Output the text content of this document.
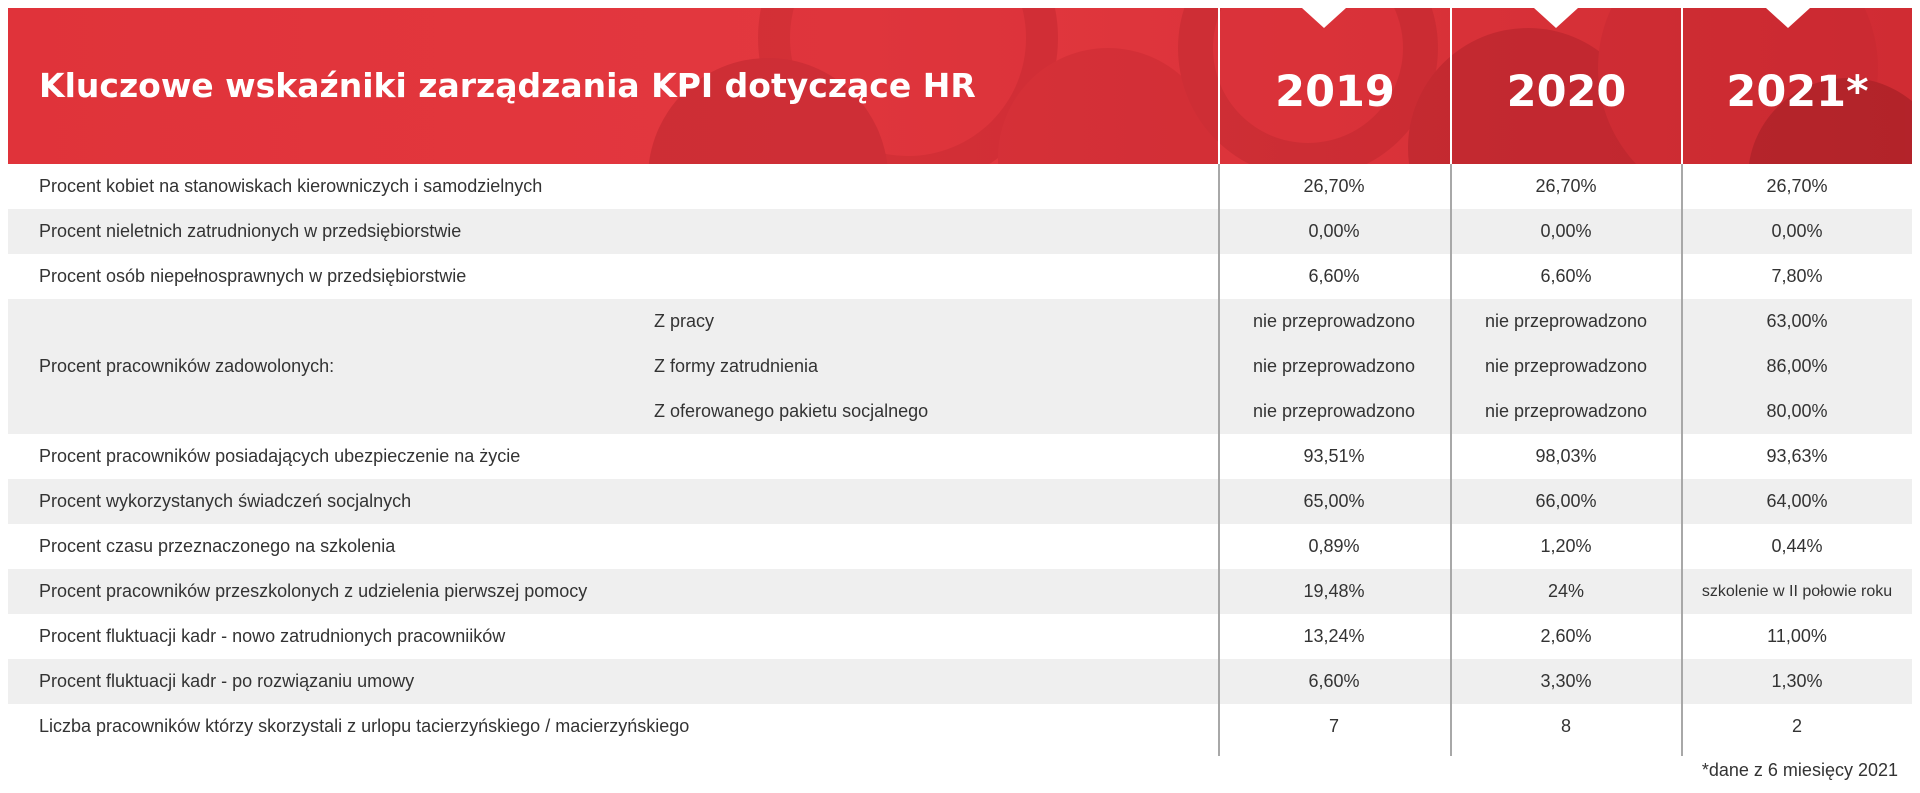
Kluczowe wskaźniki zarządzania KPI dotyczące HR	2019	2020	2021*
Procent kobiet na stanowiskach kierowniczych i samodzielnych	26,70%	26,70%	26,70%
Procent nieletnich zatrudnionych w przedsiębiorstwie	0,00%	0,00%	0,00%
Procent osób niepełnosprawnych w przedsiębiorstwie	6,60%	6,60%	7,80%
Procent pracowników zadowolonych:
Z pracy	nie przeprowadzono	nie przeprowadzono	63,00%
Z formy zatrudnienia	nie przeprowadzono	nie przeprowadzono	86,00%
Z oferowanego pakietu socjalnego	nie przeprowadzono	nie przeprowadzono	80,00%
Procent pracowników posiadających ubezpieczenie na życie	93,51%	98,03%	93,63%
Procent wykorzystanych świadczeń socjalnych	65,00%	66,00%	64,00%
Procent czasu przeznaczonego na szkolenia	0,89%	1,20%	0,44%
Procent pracowników przeszkolonych z udzielenia pierwszej pomocy	19,48%	24%	szkolenie w II połowie roku
Procent fluktuacji kadr - nowo zatrudnionych pracowniików	13,24%	2,60%	11,00%
Procent fluktuacji kadr - po rozwiązaniu umowy	6,60%	3,30%	1,30%
Liczba pracowników którzy skorzystali z urlopu tacierzyńskiego / macierzyńskiego	7	8	2
*dane z 6 miesięcy 2021
